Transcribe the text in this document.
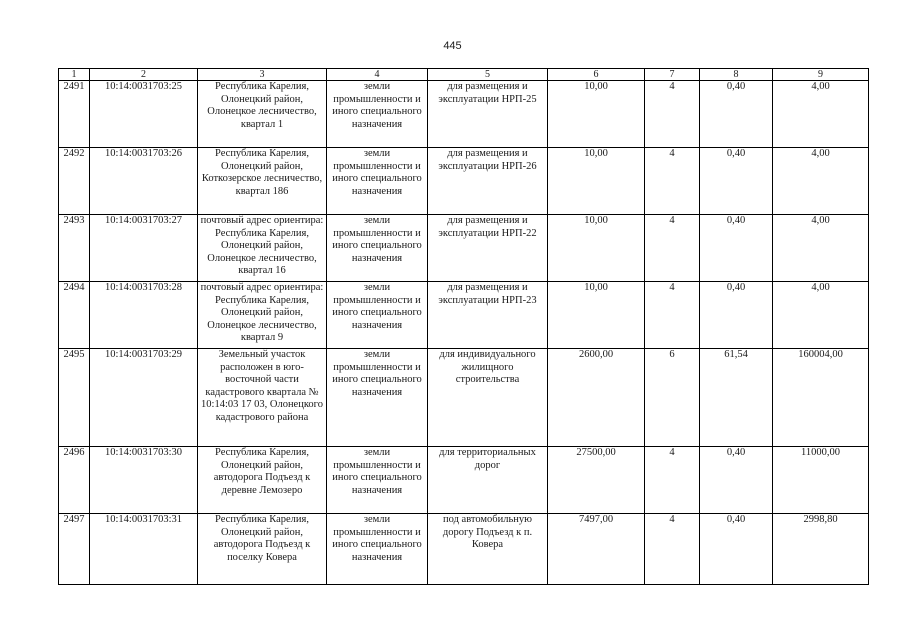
445
1	2	3	4	5	6	7	8	9
2491	10:14:0031703:25	Республика Карелия, Олонецкий район, Олонецкое лесничество, квартал 1	земли промышленности и иного специального назначения	для размещения и эксплуатации НРП-25	10,00	4	0,40	4,00
2492	10:14:0031703:26	Республика Карелия, Олонецкий район, Коткозерское лесничество, квартал 186	земли промышленности и иного специального назначения	для размещения и эксплуатации НРП-26	10,00	4	0,40	4,00
2493	10:14:0031703:27	почтовый адрес ориентира: Республика Карелия, Олонецкий район, Олонецкое лесничество, квартал 16	земли промышленности и иного специального назначения	для размещения и эксплуатации НРП-22	10,00	4	0,40	4,00
2494	10:14:0031703:28	почтовый адрес ориентира: Республика Карелия, Олонецкий район, Олонецкое лесничество, квартал 9	земли промышленности и иного специального назначения	для размещения и эксплуатации НРП-23	10,00	4	0,40	4,00
2495	10:14:0031703:29	Земельный участок расположен в юго-восточной части кадастрового квартала № 10:14:03 17 03, Олонецкого кадастрового района	земли промышленности и иного специального назначения	для индивидуального жилищного строительства	2600,00	6	61,54	160004,00
2496	10:14:0031703:30	Республика Карелия, Олонецкий район, автодорога Подъезд к деревне Лемозеро	земли промышленности и иного специального назначения	для территориальных дорог	27500,00	4	0,40	11000,00
2497	10:14:0031703:31	Республика Карелия, Олонецкий район, автодорога Подъезд к поселку Ковера	земли промышленности и иного специального назначения	под автомобильную дорогу Подъезд к п. Ковера	7497,00	4	0,40	2998,80
